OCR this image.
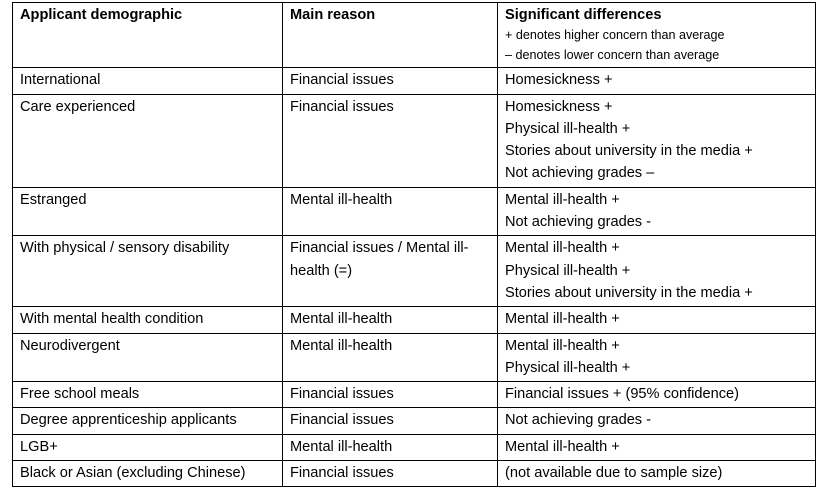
Applicant demographic	Main reason	Significant differences
+ denotes higher concern than average
– denotes lower concern than average

International	Financial issues	Homesickness +

Care experienced	Financial issues	Homesickness +
Physical ill-health +
Stories about university in the media +
Not achieving grades –

Estranged	Mental ill-health	Mental ill-health +
Not achieving grades -

With physical / sensory disability	Financial issues / Mental ill-health (=)	Mental ill-health +
Physical ill-health +
Stories about university in the media +

With mental health condition	Mental ill-health	Mental ill-health +

Neurodivergent	Mental ill-health	Mental ill-health +
Physical ill-health +

Free school meals	Financial issues	Financial issues + (95% confidence)

Degree apprenticeship applicants	Financial issues	Not achieving grades -

LGB+	Mental ill-health	Mental ill-health +

Black or Asian (excluding Chinese)	Financial issues	(not available due to sample size)
